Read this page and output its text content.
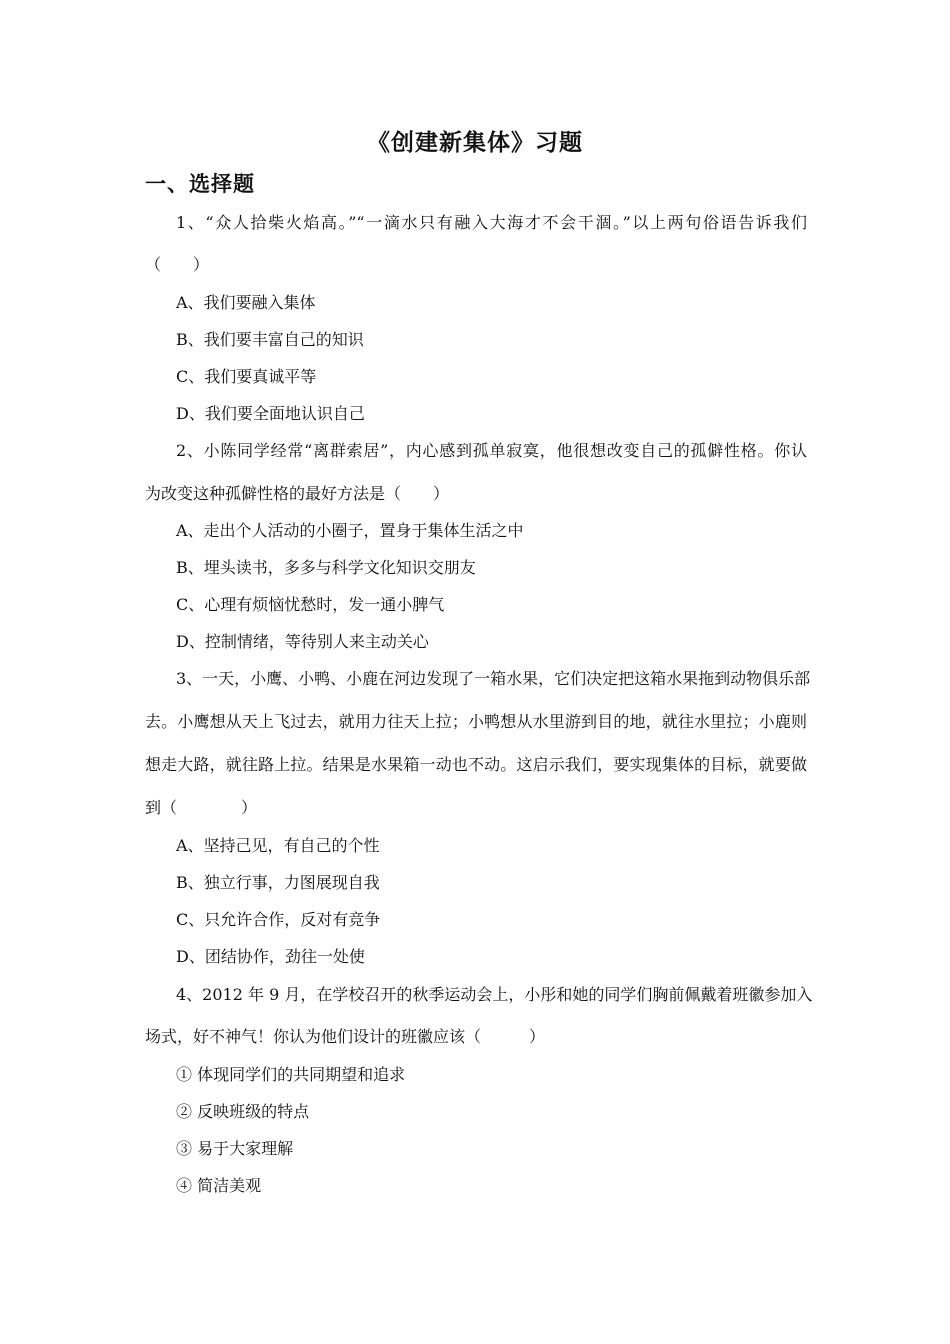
《创建新集体》习题
一、选择题
1、“众人拾柴火焰高。”“一滴水只有融入大海才不会干涸。”以上两句俗语告诉我们
（　　）
A、我们要融入集体
B、我们要丰富自己的知识
C、我们要真诚平等
D、我们要全面地认识自己
2、小陈同学经常“离群索居”，内心感到孤单寂寞，他很想改变自己的孤僻性格。你认
为改变这种孤僻性格的最好方法是（　　）
A、走出个人活动的小圈子，置身于集体生活之中
B、埋头读书，多多与科学文化知识交朋友
C、心理有烦恼忧愁时，发一通小脾气
D、控制情绪，等待别人来主动关心
3、一天，小鹰、小鸭、小鹿在河边发现了一箱水果，它们决定把这箱水果拖到动物俱乐部
去。小鹰想从天上飞过去，就用力往天上拉；小鸭想从水里游到目的地，就往水里拉；小鹿则
想走大路，就往路上拉。结果是水果箱一动也不动。这启示我们，要实现集体的目标，就要做
到（　　　　）
A、坚持己见，有自己的个性
B、独立行事，力图展现自我
C、只允许合作，反对有竞争
D、团结协作，劲往一处使
4、2012 年 9 月，在学校召开的秋季运动会上，小彤和她的同学们胸前佩戴着班徽参加入
场式，好不神气！你认为他们设计的班徽应该（　　　）
① 体现同学们的共同期望和追求
② 反映班级的特点
③ 易于大家理解
④ 简洁美观
